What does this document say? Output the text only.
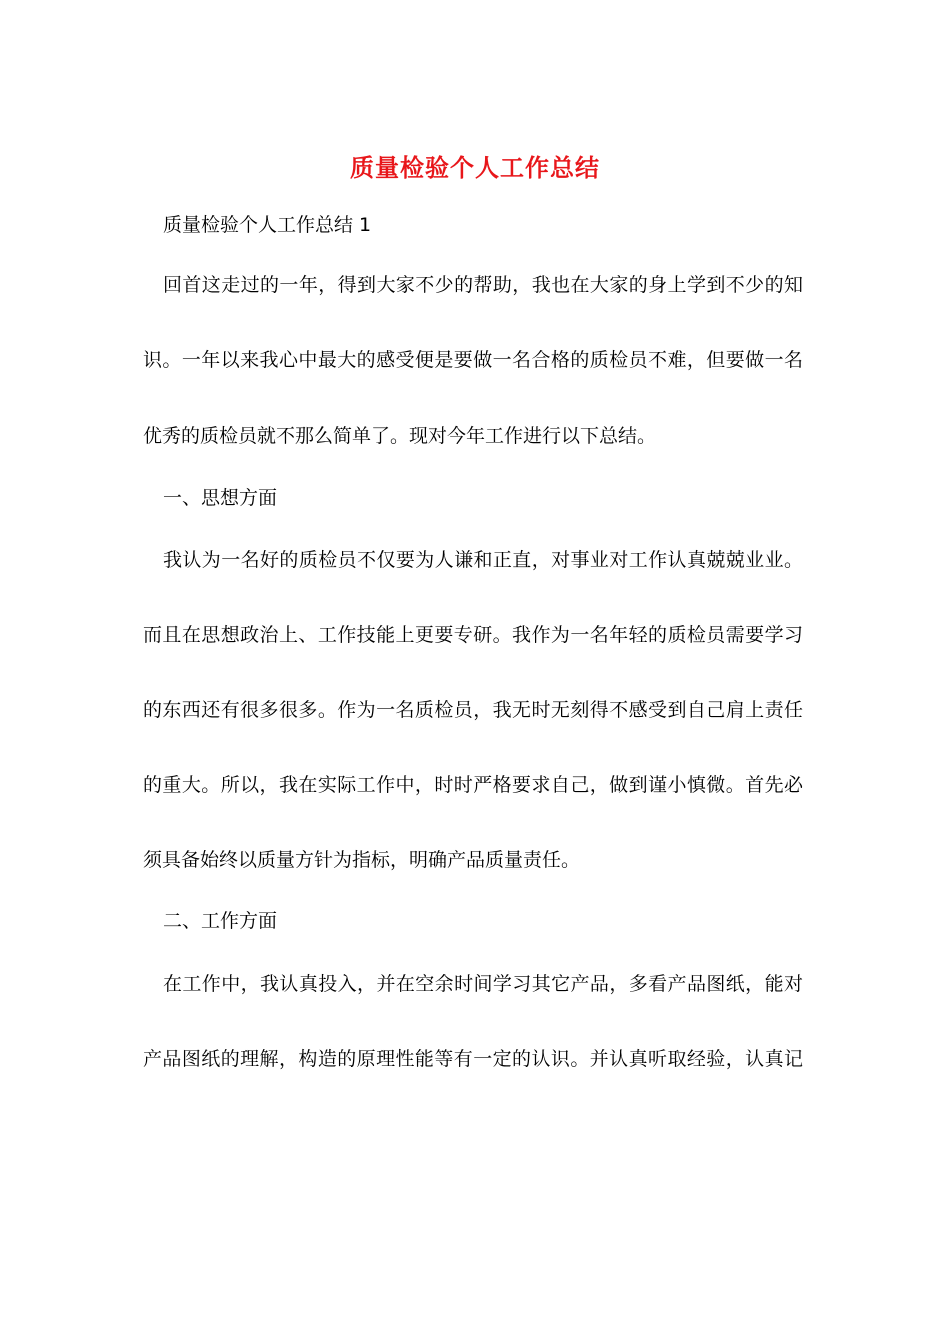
质量检验个人工作总结
质量检验个人工作总结 1
回首这走过的一年，得到大家不少的帮助，我也在大家的身上学到不少的知
识。一年以来我心中最大的感受便是要做一名合格的质检员不难，但要做一名
优秀的质检员就不那么简单了。现对今年工作进行以下总结。
一、思想方面
我认为一名好的质检员不仅要为人谦和正直，对事业对工作认真兢兢业业。
而且在思想政治上、工作技能上更要专研。我作为一名年轻的质检员需要学习
的东西还有很多很多。作为一名质检员，我无时无刻得不感受到自己肩上责任
的重大。所以，我在实际工作中，时时严格要求自己，做到谨小慎微。首先必
须具备始终以质量方针为指标，明确产品质量责任。
二、工作方面
在工作中，我认真投入，并在空余时间学习其它产品，多看产品图纸，能对
产品图纸的理解，构造的原理性能等有一定的认识。并认真听取经验，认真记
